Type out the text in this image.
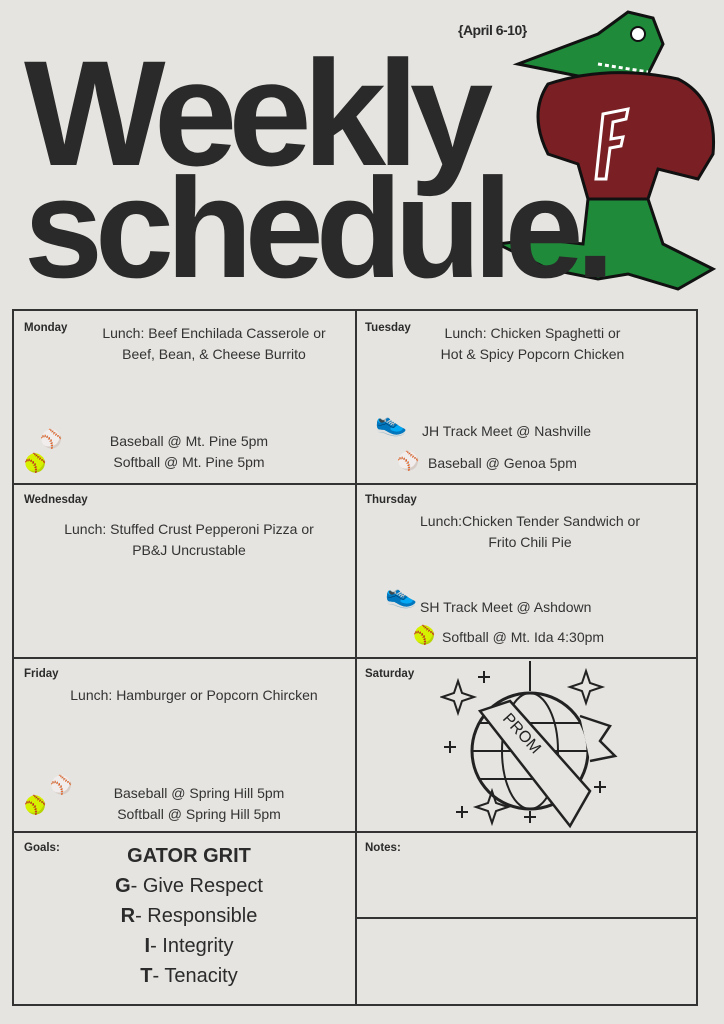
Weekly
schedule.
{April 6-10}
Monday	Lunch: Beef Enchilada Casserole or
Beef, Bean, & Cheese Burrito
⚾
🥎
Baseball @ Mt. Pine 5pm
Softball @ Mt. Pine 5pm
Tuesday	Lunch: Chicken Spaghetti or
Hot & Spicy Popcorn Chicken
👟 JH Track Meet @ Nashville
⚾ Baseball @ Genoa 5pm
Wednesday
Lunch: Stuffed Crust Pepperoni Pizza or
PB&J Uncrustable
Thursday
Lunch:Chicken Tender Sandwich or
Frito Chili Pie
👟 SH Track Meet @ Ashdown
🥎 Softball @ Mt. Ida 4:30pm
Friday
Lunch: Hamburger or Popcorn Chircken
⚾
🥎
Baseball @ Spring Hill 5pm
Softball @ Spring Hill 5pm
Saturday
PROM
Goals:	GATOR GRIT
G- Give Respect
R- Responsible
I- Integrity
T- Tenacity
Notes:
